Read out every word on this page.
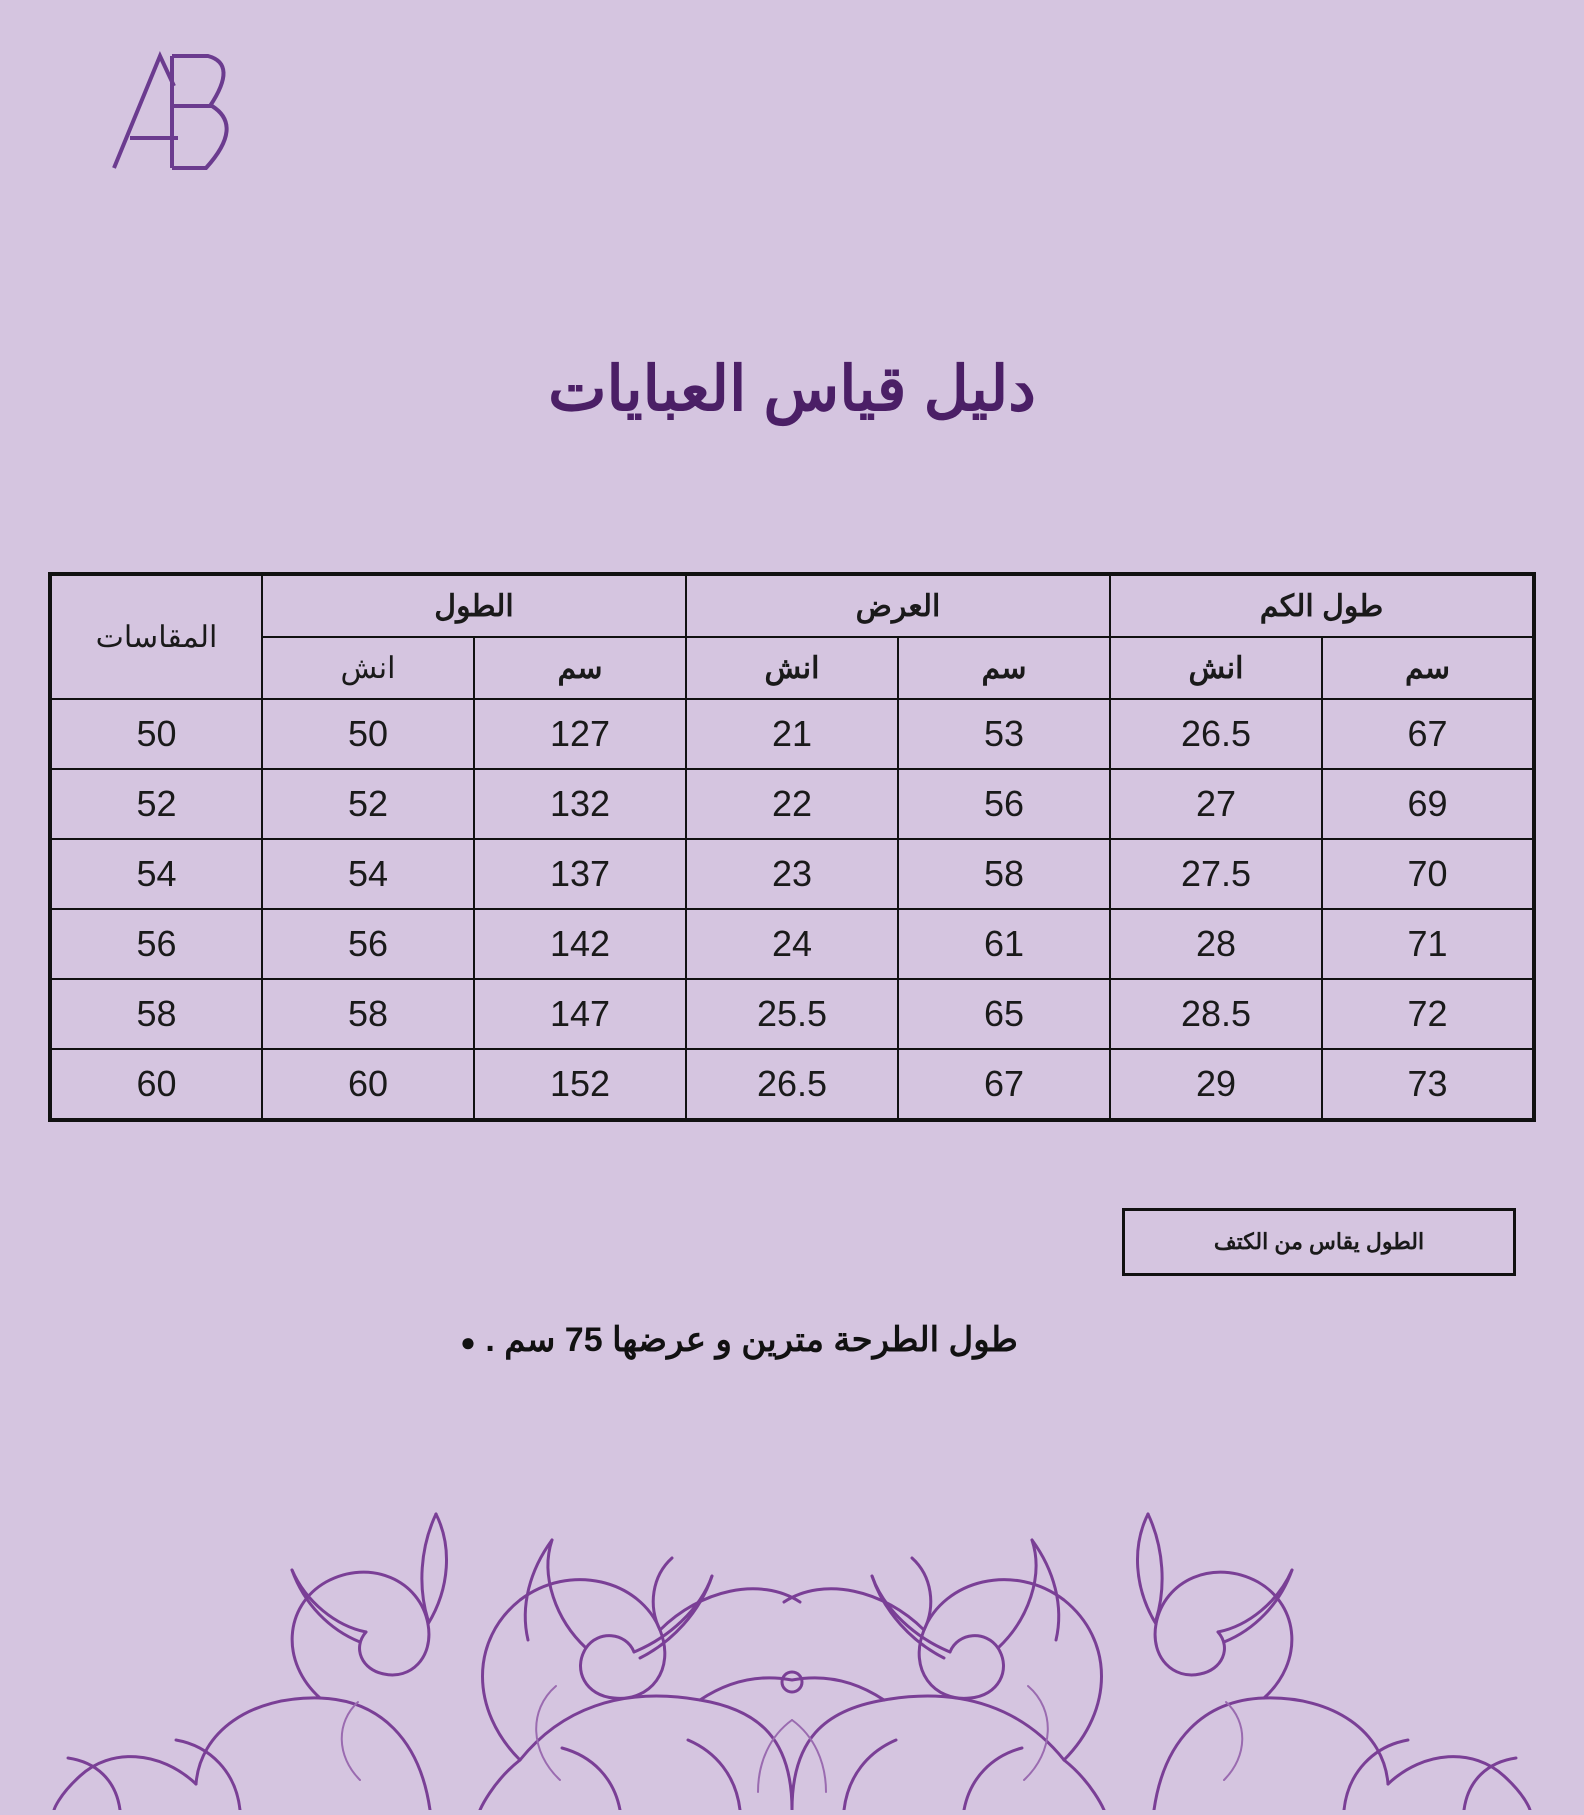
دليل قياس العبايات
طول الكم		العرض		الطول		المقاسات
سم	انش	سم	انش	سم	انش	
67	26.5	53	21	127	50	50
69	27	56	22	132	52	52
70	27.5	58	23	137	54	54
71	28	61	24	142	56	56
72	28.5	65	25.5	147	58	58
73	29	67	26.5	152	60	60
الطول يقاس من الكتف
طول الطرحة مترين و عرضها 75 سم . ●
